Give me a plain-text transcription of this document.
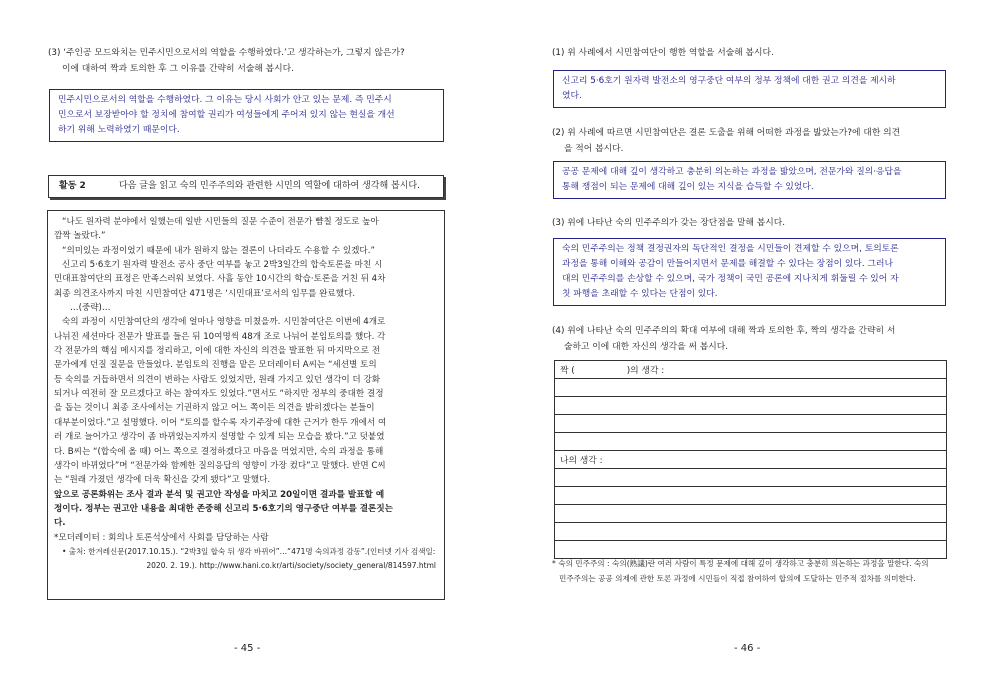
(3) ‘주인공 모드와치는 민주시민으로서의 역할을 수행하였다.’고 생각하는가, 그렇지 않은가?
이에 대하여 짝과 토의한 후 그 이유를 간략히 서술해 봅시다.
민주시민으로서의 역할을 수행하였다. 그 이유는 당시 사회가 안고 있는 문제. 즉 민주시
민으로서 보장받아야 할 정치에 참여할 권리가 여성들에게 주어져 있지 않는 현실을 개선
하기 위해 노력하였기 때문이다.
활동 2	다음 글을 읽고 숙의 민주주의와 관련한 시민의 역할에 대하여 생각해 봅시다.
“나도 원자력 분야에서 일했는데 일반 시민들의 질문 수준이 전문가 뺨칠 정도로 높아
깜짝 놀랐다.”
“의미있는 과정이었기 때문에 내가 원하지 않는 결론이 나더라도 수용할 수 있겠다.”
신고리 5·6호기 원자력 발전소 공사 중단 여부를 놓고 2박3일간의 합숙토론을 마친 시
민대표참여단의 표정은 만족스러워 보였다. 사흘 동안 10시간의 학습·토론을 거친 뒤 4차
최종 의견조사까지 마친 시민참여단 471명은 ‘시민대표’로서의 임무를 완료했다.
…(중략)…
숙의 과정이 시민참여단의 생각에 얼마나 영향을 미쳤을까. 시민참여단은 이번에 4개로
나뉘진 세션마다 전문가 발표를 들은 뒤 10여명씩 48개 조로 나눠어 분임토의를 했다. 각
각 전문가의 핵심 메시지를 정리하고, 이에 대한 자신의 의견을 발표한 뒤 마지막으로 전
문가에게 던질 질문을 만들었다. 분임토의 진행을 맡은 모더레이터 A씨는 “세션별 토의
등 숙의를 거듭하면서 의견이 변하는 사람도 있었지만, 원래 가지고 있던 생각이 더 강화
되거나 여전히 잘 모르겠다고 하는 참여자도 있었다.”면서도 “하지만 정부의 중대한 결정
을 돕는 것이니 최종 조사에서는 기권하지 않고 어느 쪽이든 의견을 밝히겠다는 분들이
대부분이었다.”고 설명했다. 이어 “토의를 할수록 자기주장에 대한 근거가 한두 개에서 여
러 개로 늘어가고 생각이 좀 바뀌었는지까지 설명할 수 있게 되는 모습을 봤다.”고 덧붙였
다. B씨는 “(합숙에 올 때) 어느 쪽으로 결정하겠다고 마음을 먹었지만, 숙의 과정을 통해
생각이 바뀌었다”며 “전문가와 함께한 질의응답의 영향이 가장 컸다”고 말했다. 반면 C씨
는 “원래 가졌던 생각에 더욱 확신을 갖게 됐다”고 말했다.
앞으로 공론화위는 조사 결과 분석 및 권고안 작성을 마치고 20일이면 결과를 발표할 예
정이다. 정부는 권고안 내용을 최대한 존중해 신고리 5·6호기의 영구중단 여부를 결론짓는
다.
*모더레이터 : 회의나 토론석상에서 사회를 담당하는 사람
• 출처: 한겨레신문(2017.10.15.). “2박3일 합숙 뒤 생각 바뀌어”…“471명 숙의과정 감동”.(인터넷 기사 검색일:
2020. 2. 19.). http://www.hani.co.kr/arti/society/society_general/814597.html
- 45 -
(1) 위 사례에서 시민참여단이 행한 역할을 서술해 봅시다.
신고리 5·6호기 원자력 발전소의 영구중단 여부의 정부 정책에 대한 권고 의견을 제시하
였다.
(2) 위 사례에 따르면 시민참여단은 결론 도출을 위해 어떠한 과정을 밟았는가?에 대한 의견
을 적어 봅시다.
공공 문제에 대해 깊이 생각하고 충분히 의논하는 과정을 밟았으며, 전문가와 질의·응답을
통해 쟁점이 되는 문제에 대해 깊이 있는 지식을 습득할 수 있었다.
(3) 위에 나타난 숙의 민주주의가 갖는 장단점을 말해 봅시다.
숙의 민주주의는 정책 결정권자의 독단적인 결정을 시민들이 견제할 수 있으며, 토의토론
과정을 통해 이해와 공감이 만들어지면서 문제를 해결할 수 있다는 장점이 있다. 그러나
대의 민주주의를 손상할 수 있으며, 국가 정책이 국민 공론에 지나치게 휘둘릴 수 있어 자
칫 파행을 초래할 수 있다는 단점이 있다.
(4) 위에 나타난 숙의 민주주의의 확대 여부에 대해 짝과 토의한 후, 짝의 생각을 간략히 서
술하고 이에 대한 자신의 생각을 써 봅시다.
- 46 -
짝 (	)의 생각 :

나의 생각 :

* 숙의 민주주의 : 숙의(熟議)란 여러 사람이 특정 문제에 대해 깊이 생각하고 충분히 의논하는 과정을 말한다. 숙의
민주주의는 공공 의제에 관한 토론 과정에 시민들이 직접 참여하여 합의에 도달하는 민주적 절차를 의미한다.
